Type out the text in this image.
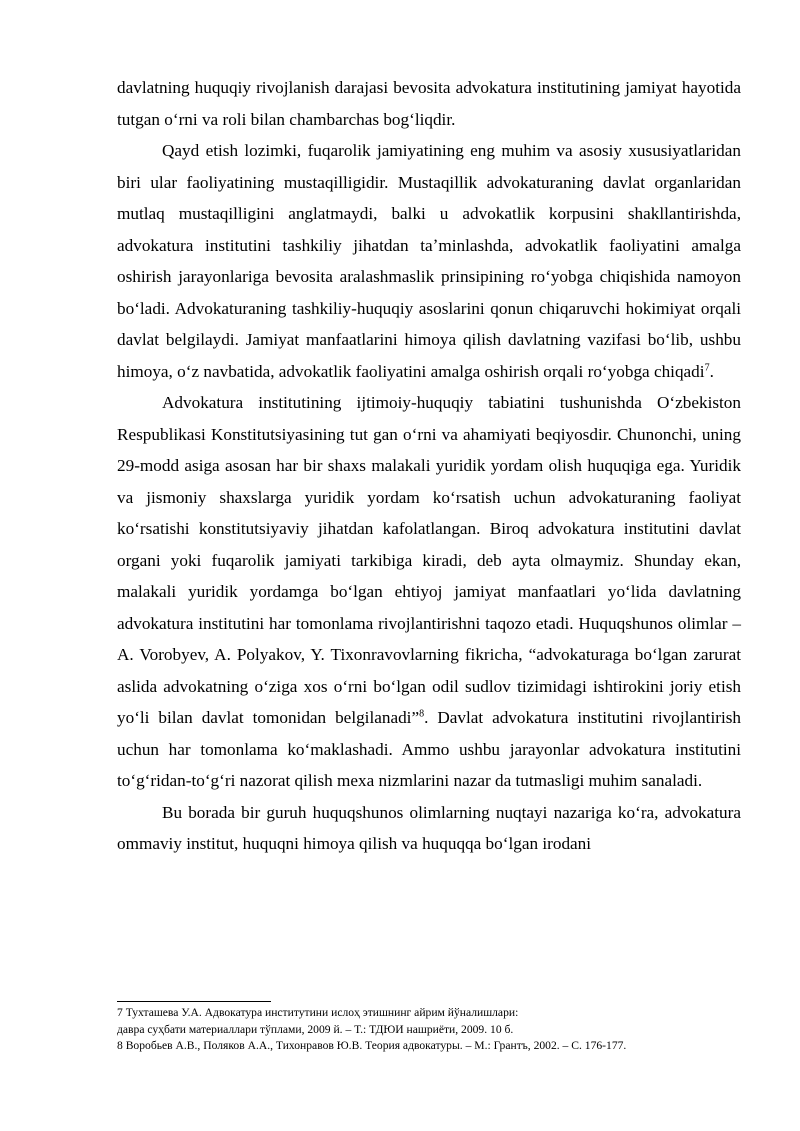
davlatning huquqiy rivojlanish darajasi bevosita advokatura institutining jamiyat hayotida tutgan oʻrni va roli bilan chambarchas bogʻliqdir.

Qayd etish lozimki, fuqarolik jamiyatining eng muhim va asosiy xususiyatlaridan biri ular faoliyatining mustaqilligidir. Mustaqillik advokaturaning davlat organlaridan mutlaq mustaqilligini anglatmaydi, balki u advokatlik korpusini shakllantirishda, advokatura institutini tashkiliy jihatdan taʼminlashda, advokatlik faoliyatini amalga oshirish jarayonlariga bevosita aralashmaslik prinsipining roʻyobga chiqishida namoyon boʻladi. Advokaturaning tashkiliy-huquqiy asoslarini qonun chiqaruvchi hokimiyat orqali davlat belgilaydi. Jamiyat manfaatlarini himoya qilish davlatning vazifasi boʻlib, ushbu himoya, oʻz navbatida, advokatlik faoliyatini amalga oshirish orqali roʻyobga chiqadi$^7$.

Advokatura institutining ijtimoiy-huquqiy tabiatini tushunishda Oʻzbekiston Respublikasi Konstitutsiyasining tut gan oʻrni va ahamiyati beqiyosdir. Chunonchi, uning 29-modd asiga asosan har bir shaxs malakali yuridik yordam olish huquqiga ega. Yuridik va jismoniy shaxslarga yuridik yordam koʻrsatish uchun advokaturaning faoliyat koʻrsatishi konstitutsiyaviy jihatdan kafolatlangan. Biroq advokatura institutini davlat organi yoki fuqarolik jamiyati tarkibiga kiradi, deb ayta olmaymiz. Shunday ekan, malakali yuridik yordamga boʻlgan ehtiyoj jamiyat manfaatlari yoʻlida davlatning advokatura institutini har tomonlama rivojlantirishni taqozo etadi. Huquqshunos olimlar – A. Vorobyev, A. Polyakov, Y. Tixonravovlarning fikricha, “advokaturaga boʻlgan zarurat aslida advokatning oʻziga xos oʻrni boʻlgan odil sudlov tizimidagi ishtirokini joriy etish yoʻli bilan davlat tomonidan belgilanadi”$^8$. Davlat advokatura institutini rivojlantirish uchun har tomonlama koʻmaklashadi. Ammo ushbu jarayonlar advokatura institutini toʻgʻridan-toʻgʻri nazorat qilish mexa nizmlarini nazar da tutmasligi muhim sanaladi.

Bu borada bir guruh huquqshunos olimlarning nuqtayi nazariga koʻra, advokatura ommaviy institut, huquqni himoya qilish va huquqqa boʻlgan irodani

7 Тухташева У.А. Адвокатура институтини ислоҳ этишнинг айрим йўналишлари:

давра суҳбати материаллари тўплами, 2009 й. – Т.: ТДЮИ нашриёти, 2009. 10 б.

8 Воробьев А.В., Поляков А.А., Тихонравов Ю.В. Теория адвокатуры. – М.: Грантъ, 2002. – С. 176-177.
